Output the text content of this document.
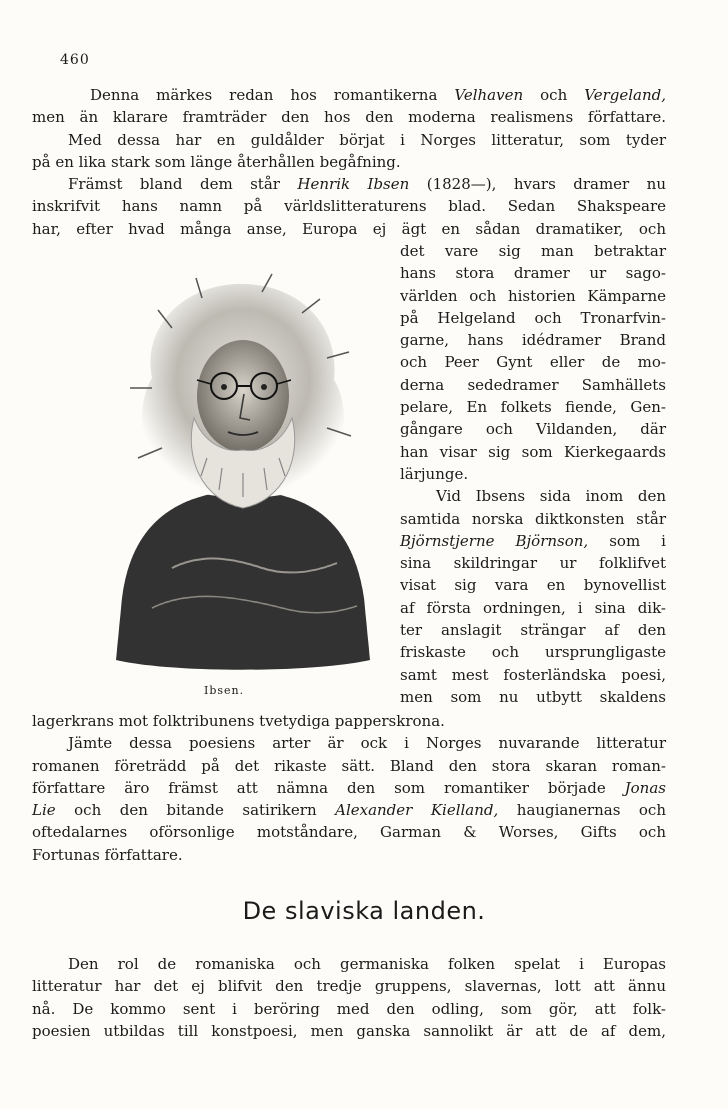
460
Denna märkes redan hos romantikerna Velhaven och Vergeland,
men än klarare framträder den hos den moderna realismens författare.
Med dessa har en guldålder börjat i Norges litteratur, som tyder
på en lika stark som länge återhållen begåfning.
Främst bland dem står Henrik Ibsen (1828—), hvars dramer nu
inskrifvit hans namn på världslitteraturens blad. Sedan Shakspeare
har, efter hvad många anse, Europa ej ägt en sådan dramatiker, och
det vare sig man betraktar
hans stora dramer ur sago-
världen och historien Kämparne
på Helgeland och Tronarfvin-
garne, hans idédramer Brand
och Peer Gynt eller de mo-
derna sededramer Samhällets
pelare, En folkets fiende, Gen-
gångare och Vildanden, där
han visar sig som Kierkegaards
lärjunge.
Vid Ibsens sida inom den
samtida norska diktkonsten står
Björnstjerne Björnson, som i
sina skildringar ur folklifvet
visat sig vara en bynovellist
af första ordningen, i sina dik-
ter anslagit strängar af den
friskaste och ursprungligaste
samt mest fosterländska poesi,
men som nu utbytt skaldens
Ibsen.
lagerkrans mot folktribunens tvetydiga papperskrona.
Jämte dessa poesiens arter är ock i Norges nuvarande litteratur
romanen företrädd på det rikaste sätt. Bland den stora skaran roman-
författare äro främst att nämna den som romantiker började Jonas
Lie och den bitande satirikern Alexander Kielland, haugianernas och
oftedalarnes oförsonlige motståndare, Garman & Worses, Gifts och
Fortunas författare.
De slaviska landen.
Den rol de romaniska och germaniska folken spelat i Europas
litteratur har det ej blifvit den tredje gruppens, slavernas, lott att ännu
nå. De kommo sent i beröring med den odling, som gör, att folk-
poesien utbildas till konstpoesi, men ganska sannolikt är att de af dem,
